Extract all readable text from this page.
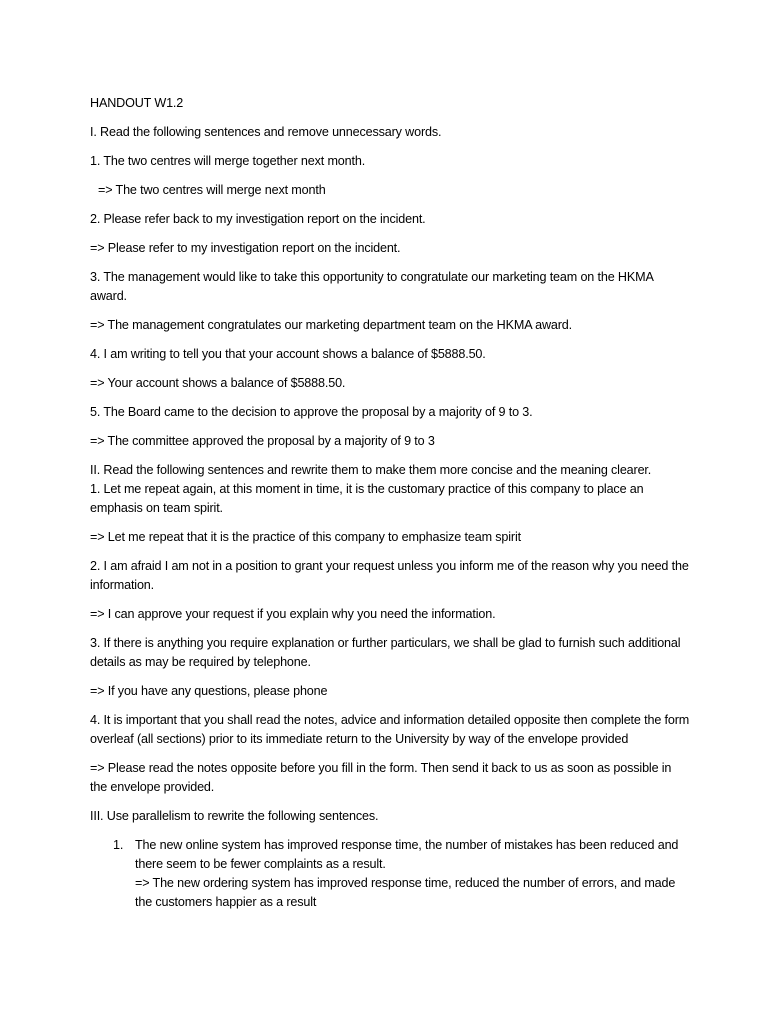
HANDOUT W1.2

I. Read the following sentences and remove unnecessary words.

1. The two centres will merge together next month.

=> The two centres will merge next month

2. Please refer back to my investigation report on the incident.

=> Please refer to my investigation report on the incident.

3. The management would like to take this opportunity to congratulate our marketing team on the HKMA award.

=> The management congratulates our marketing department team on the HKMA award.

4. I am writing to tell you that your account shows a balance of $5888.50.

=> Your account shows a balance of $5888.50.

5. The Board came to the decision to approve the proposal by a majority of 9 to 3.

=> The committee approved the proposal by a majority of 9 to 3

II. Read the following sentences and rewrite them to make them more concise and the meaning clearer.

1. Let me repeat again, at this moment in time, it is the customary practice of this company to place an emphasis on team spirit.

=> Let me repeat that it is the practice of this company to emphasize team spirit

2. I am afraid I am not in a position to grant your request unless you inform me of the reason why you need the information.

=> I can approve your request if you explain why you need the information.

3. If there is anything you require explanation or further particulars, we shall be glad to furnish such additional details as may be required by telephone.

=> If you have any questions, please phone

4. It is important that you shall read the notes, advice and information detailed opposite then complete the form overleaf (all sections) prior to its immediate return to the University by way of the envelope provided

=> Please read the notes opposite before you fill in the form. Then send it back to us as soon as possible in the envelope provided.

III. Use parallelism to rewrite the following sentences.

1. The new online system has improved response time, the number of mistakes has been reduced and there seem to be fewer complaints as a result.

=> The new ordering system has improved response time, reduced the number of errors, and made the customers happier as a result
